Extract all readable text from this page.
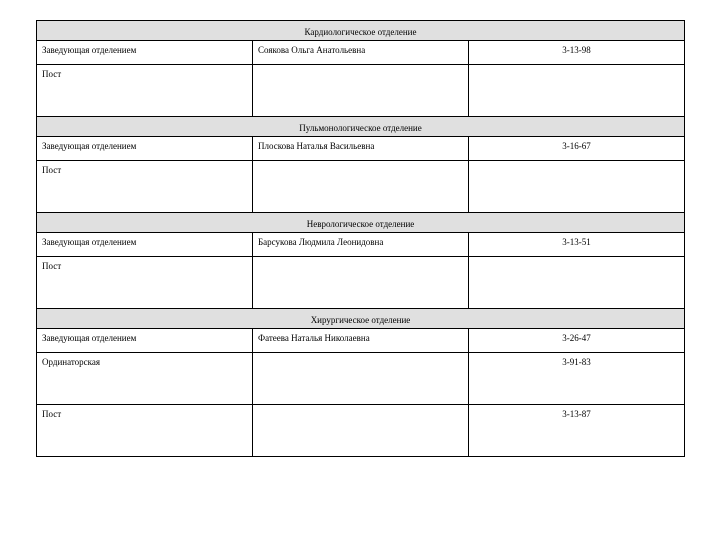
Кардиологическое отделение		
Заведующая отделением	Соякова Ольга Анатольевна	3-13-98
Пост		
Пульмонологическое отделение		
Заведующая отделением	Плоскова Наталья Васильевна	3-16-67
Пост		
Неврологическое отделение		
Заведующая отделением	Барсукова Людмила Леонидовна	3-13-51
Пост		
Хирургическое отделение		
Заведующая отделением	Фатеева Наталья Николаевна	3-26-47
Ординаторская		3-91-83
Пост		3-13-87
